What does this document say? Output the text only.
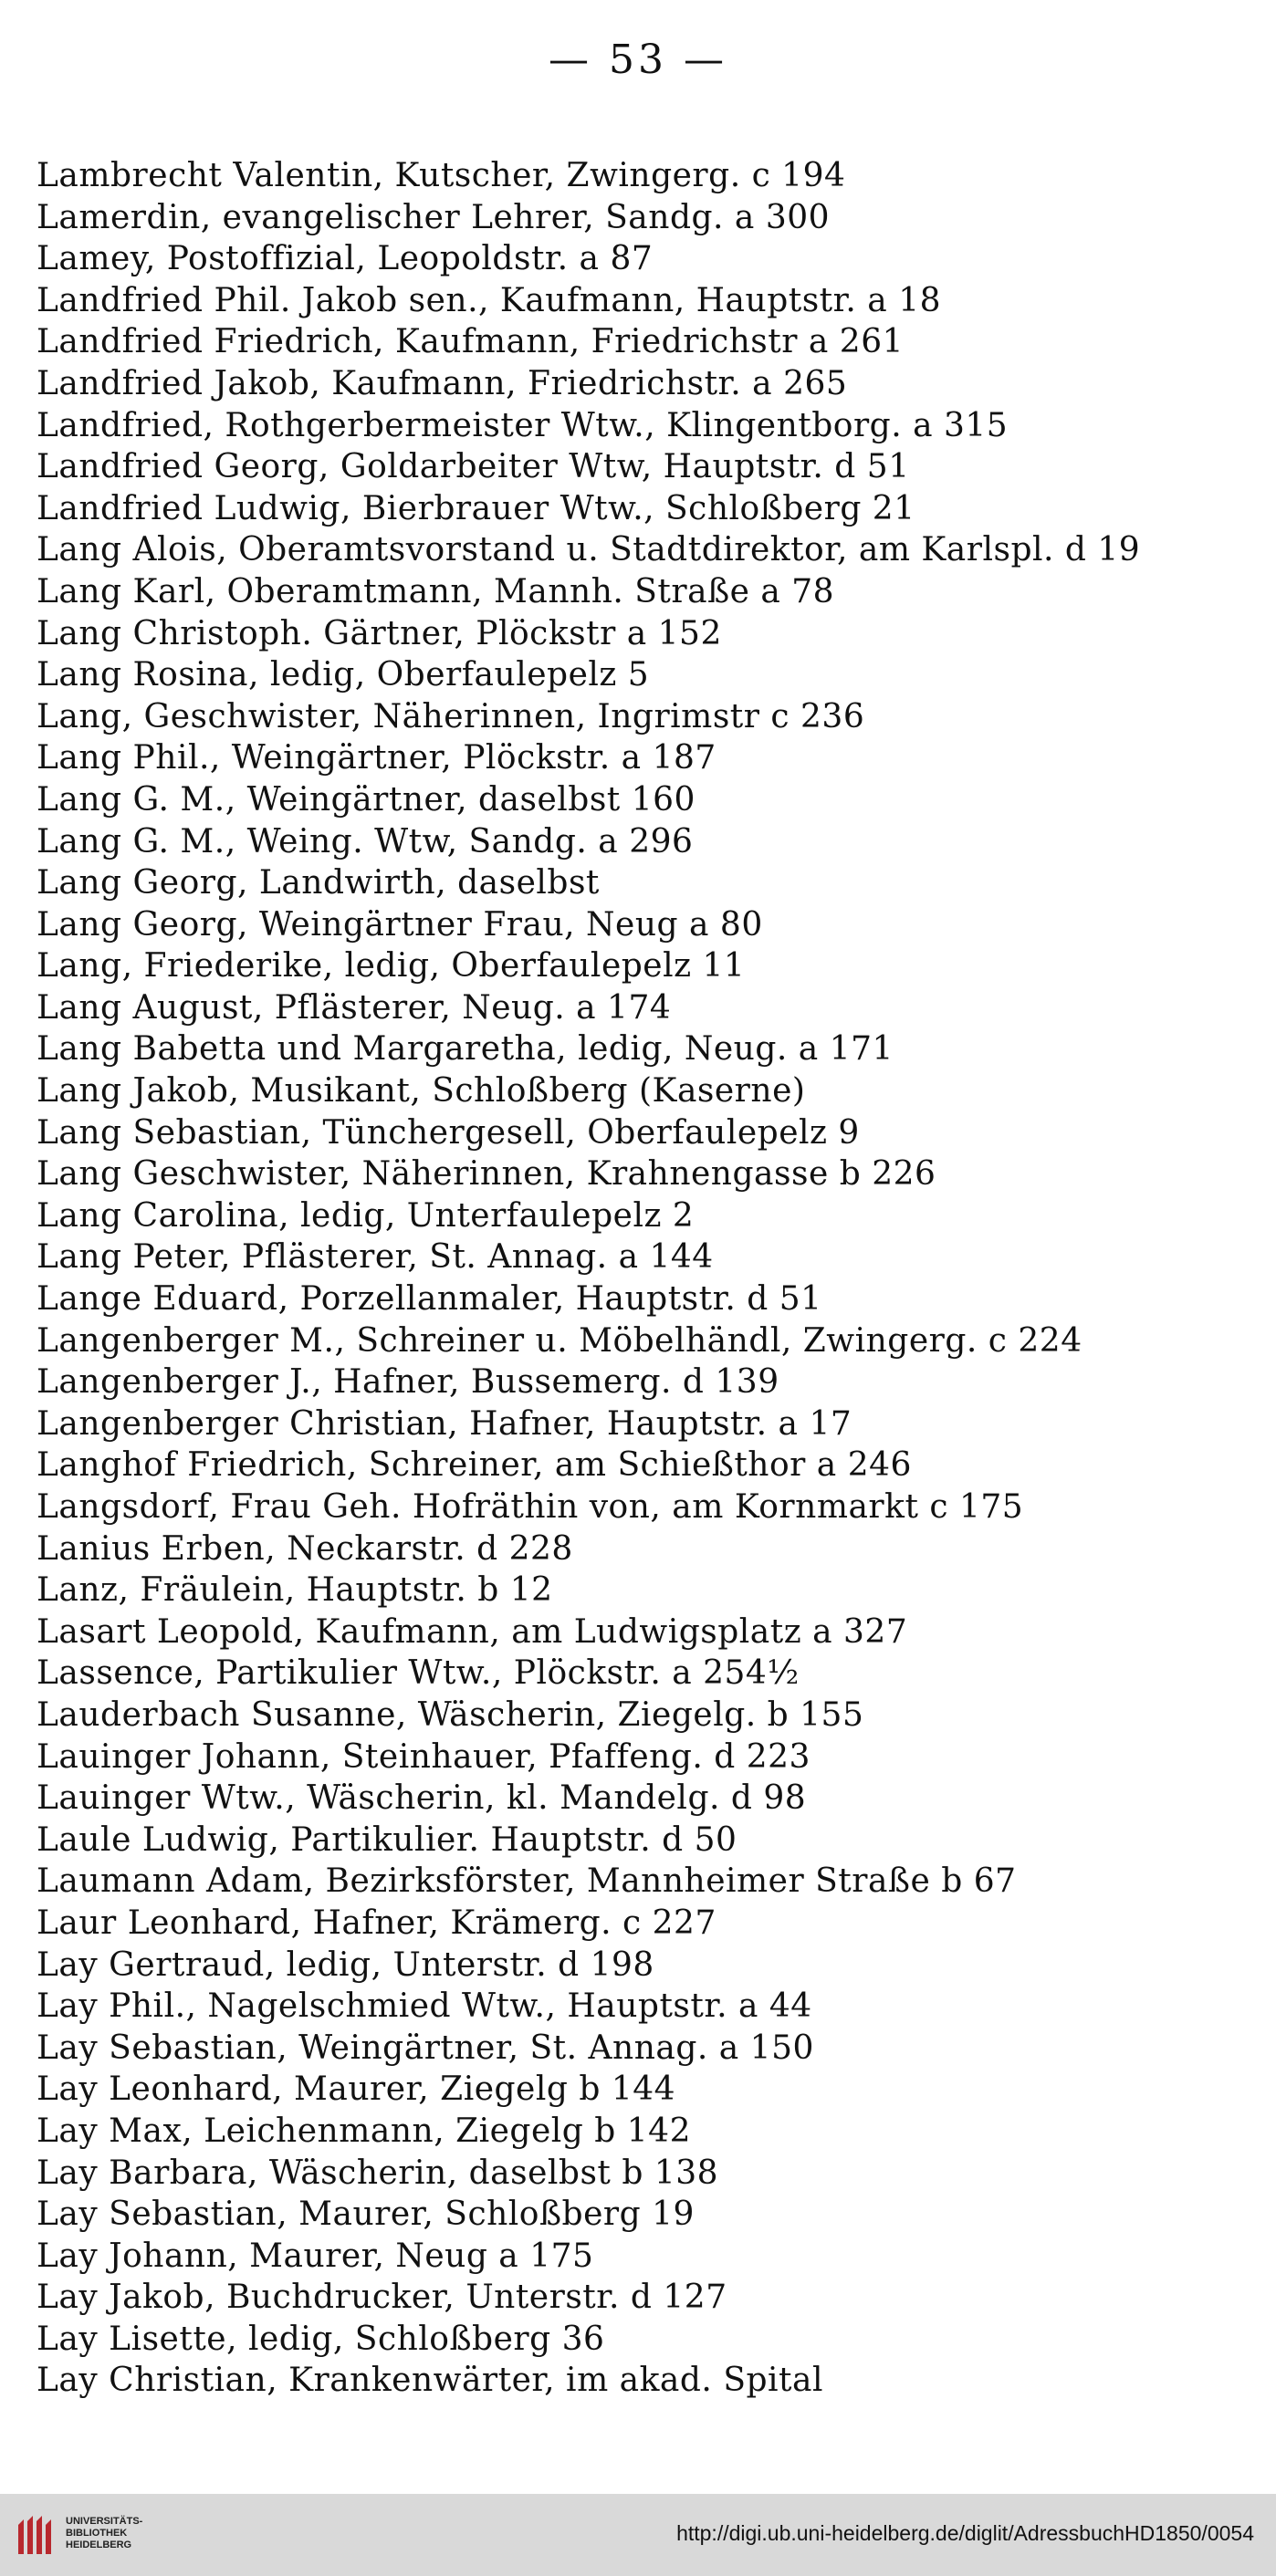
— 53 —
Lambrecht Valentin, Kutscher, Zwingerg. c 194
Lamerdin, evangelischer Lehrer, Sandg. a 300
Lamey, Postoffizial, Leopoldstr. a 87
Landfried Phil. Jakob sen., Kaufmann, Hauptstr. a 18
Landfried Friedrich, Kaufmann, Friedrichstr a 261
Landfried Jakob, Kaufmann, Friedrichstr. a 265
Landfried, Rothgerbermeister Wtw., Klingentborg. a 315
Landfried Georg, Goldarbeiter Wtw, Hauptstr. d 51
Landfried Ludwig, Bierbrauer Wtw., Schloßberg 21
Lang Alois, Oberamtsvorstand u. Stadtdirektor, am Karlspl. d 19
Lang Karl, Oberamtmann, Mannh. Straße a 78
Lang Christoph. Gärtner, Plöckstr a 152
Lang Rosina, ledig, Oberfaulepelz 5
Lang, Geschwister, Näherinnen, Ingrimstr c 236
Lang Phil., Weingärtner, Plöckstr. a 187
Lang G. M., Weingärtner, daselbst 160
Lang G. M., Weing. Wtw, Sandg. a 296
Lang Georg, Landwirth, daselbst
Lang Georg, Weingärtner Frau, Neug a 80
Lang, Friederike, ledig, Oberfaulepelz 11
Lang August, Pflästerer, Neug. a 174
Lang Babetta und Margaretha, ledig, Neug. a 171
Lang Jakob, Musikant, Schloßberg (Kaserne)
Lang Sebastian, Tünchergesell, Oberfaulepelz 9
Lang Geschwister, Näherinnen, Krahnengasse b 226
Lang Carolina, ledig, Unterfaulepelz 2
Lang Peter, Pflästerer, St. Annag. a 144
Lange Eduard, Porzellanmaler, Hauptstr. d 51
Langenberger M., Schreiner u. Möbelhändl, Zwingerg. c 224
Langenberger J., Hafner, Bussemerg. d 139
Langenberger Christian, Hafner, Hauptstr. a 17
Langhof Friedrich, Schreiner, am Schießthor a 246
Langsdorf, Frau Geh. Hofräthin von, am Kornmarkt c 175
Lanius Erben, Neckarstr. d 228
Lanz, Fräulein, Hauptstr. b 12
Lasart Leopold, Kaufmann, am Ludwigsplatz a 327
Lassence, Partikulier Wtw., Plöckstr. a 254½
Lauderbach Susanne, Wäscherin, Ziegelg. b 155
Lauinger Johann, Steinhauer, Pfaffeng. d 223
Lauinger Wtw., Wäscherin, kl. Mandelg. d 98
Laule Ludwig, Partikulier. Hauptstr. d 50
Laumann Adam, Bezirksförster, Mannheimer Straße b 67
Laur Leonhard, Hafner, Krämerg. c 227
Lay Gertraud, ledig, Unterstr. d 198
Lay Phil., Nagelschmied Wtw., Hauptstr. a 44
Lay Sebastian, Weingärtner, St. Annag. a 150
Lay Leonhard, Maurer, Ziegelg b 144
Lay Max, Leichenmann, Ziegelg b 142
Lay Barbara, Wäscherin, daselbst b 138
Lay Sebastian, Maurer, Schloßberg 19
Lay Johann, Maurer, Neug a 175
Lay Jakob, Buchdrucker, Unterstr. d 127
Lay Lisette, ledig, Schloßberg 36
Lay Christian, Krankenwärter, im akad. Spital
UNIVERSITÄTS-
BIBLIOTHEK
HEIDELBERG	http://digi.ub.uni-heidelberg.de/diglit/AdressbuchHD1850/0054
